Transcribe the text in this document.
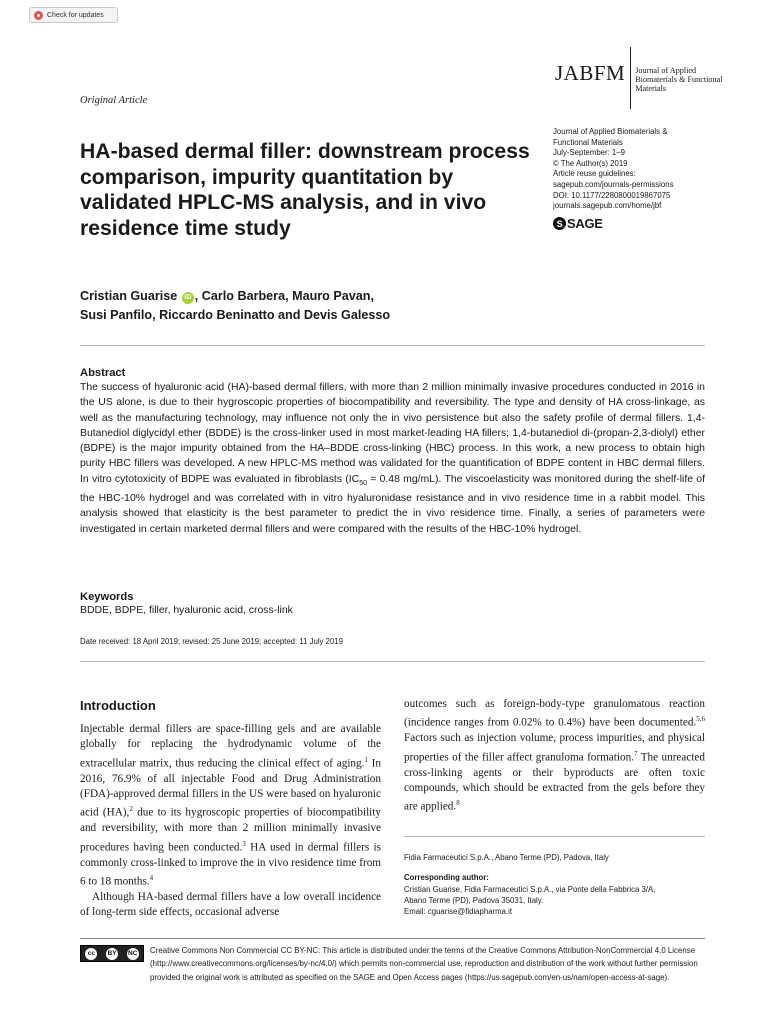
Check for updates
Original Article
JABFM	Journal of Applied Biomaterials & Functional Materials
Journal of Applied Biomaterials &
Functional Materials
July-September: 1–9
© The Author(s) 2019
Article reuse guidelines:
sagepub.com/journals-permissions
DOI: 10.1177/2280800019867075
journals.sagepub.com/home/jbf
S SAGE
HA-based dermal filler: downstream process comparison, impurity quantitation by validated HPLC-MS analysis, and in vivo residence time study
Cristian Guarise iD , Carlo Barbera, Mauro Pavan,
Susi Panfilo, Riccardo Beninatto and Devis Galesso
Abstract
The success of hyaluronic acid (HA)-based dermal fillers, with more than 2 million minimally invasive procedures conducted in 2016 in the US alone, is due to their hygroscopic properties of biocompatibility and reversibility. The type and density of HA cross-linkage, as well as the manufacturing technology, may influence not only the in vivo persistence but also the safety profile of dermal fillers. 1,4-Butanediol diglycidyl ether (BDDE) is the cross-linker used in most market-leading HA fillers; 1,4-butanediol di-(propan-2,3-diolyl) ether (BDPE) is the major impurity obtained from the HA–BDDE cross-linking (HBC) process. In this work, a new process to obtain high purity HBC fillers was developed. A new HPLC-MS method was validated for the quantification of BDPE content in HBC dermal fillers. In vitro cytotoxicity of BDPE was evaluated in fibroblasts ($IC_{50} = 0.48$ mg/mL). The viscoelasticity was monitored during the shelf-life of the HBC-10% hydrogel and was correlated with in vitro hyaluronidase resistance and in vivo residence time in a rabbit model. This analysis showed that elasticity is the best parameter to predict the in vivo residence time. Finally, a series of parameters were investigated in certain marketed dermal fillers and were compared with the results of the HBC-10% hydrogel.
Keywords
BDDE, BDPE, filler, hyaluronic acid, cross-link
Date received: 18 April 2019; revised: 25 June 2019; accepted: 11 July 2019
Introduction

Injectable dermal fillers are space-filling gels and are available globally for replacing the hydrodynamic volume of the extracellular matrix, thus reducing the clinical effect of aging.$^1$ In 2016, 76.9% of all injectable Food and Drug Administration (FDA)-approved dermal fillers in the US were based on hyaluronic acid (HA),$^2$ due to its hygroscopic properties of biocompatibility and reversibility, with more than 2 million minimally invasive procedures having been conducted.$^3$ HA used in dermal fillers is commonly cross-linked to improve the in vivo residence time from 6 to 18 months.$^4$

Although HA-based dermal fillers have a low overall incidence of long-term side effects, occasional adverse

outcomes such as foreign-body-type granulomatous reaction (incidence ranges from 0.02% to 0.4%) have been documented.$^{5,6}$ Factors such as injection volume, process impurities, and physical properties of the filler affect granuloma formation.$^7$ The unreacted cross-linking agents or their byproducts are often toxic compounds, which should be extracted from the gels before they are applied.$^8$

Fidia Farmaceutici S.p.A., Abano Terme (PD), Padova, Italy
Corresponding author:
Cristian Guarise, Fidia Farmaceutici S.p.A., via Ponte della Fabbrica 3/A,
Abano Terme (PD), Padova 35031, Italy.
Email: cguarise@fidiapharma.it
cc	BY NC	Creative Commons Non Commercial CC BY-NC: This article is distributed under the terms of the Creative Commons Attribution-NonCommercial 4.0 License (http://www.creativecommons.org/licenses/by-nc/4.0/) which permits non-commercial use, reproduction and distribution of the work without further permission provided the original work is attributed as specified on the SAGE and Open Access pages (https://us.sagepub.com/en-us/nam/open-access-at-sage).
